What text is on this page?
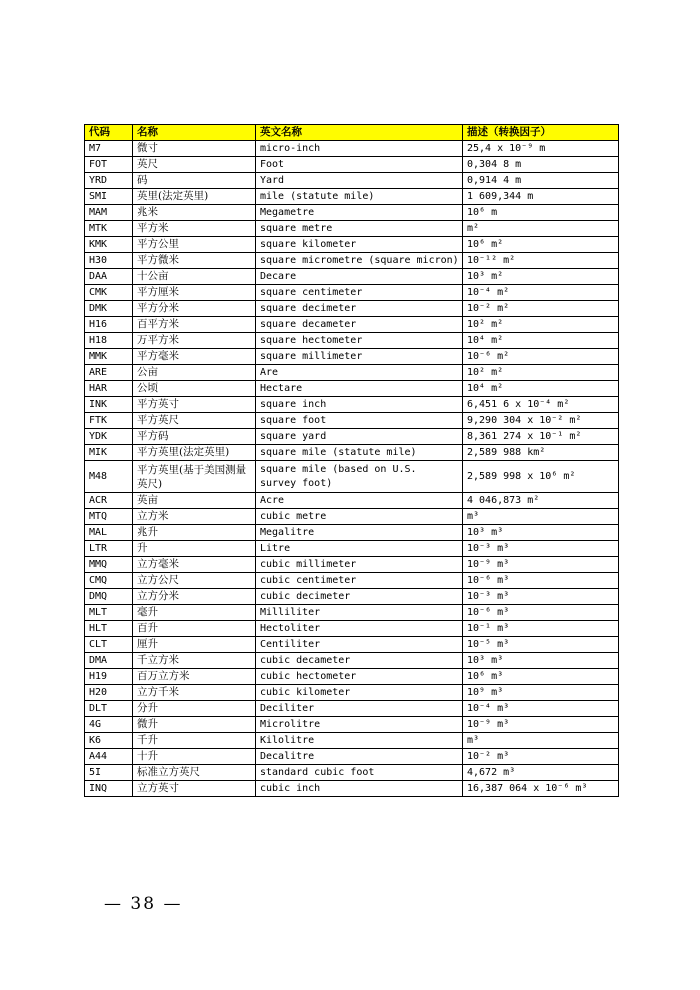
代码	名称	英文名称	描述（转换因子）
M7	微寸	micro-inch	25,4 x 10⁻⁹ m
FOT	英尺	Foot	0,304 8 m
YRD	码	Yard	0,914 4 m
SMI	英里(法定英里)	mile (statute mile)	1 609,344 m
MAM	兆米	Megametre	10⁶ m
MTK	平方米	square metre	m²
KMK	平方公里	square kilometer	10⁶ m²
H30	平方微米	square micrometre (square micron)	10⁻¹² m²
DAA	十公亩	Decare	10³ m²
CMK	平方厘米	square centimeter	10⁻⁴ m²
DMK	平方分米	square decimeter	10⁻² m²
H16	百平方米	square decameter	10² m²
H18	万平方米	square hectometer	10⁴ m²
MMK	平方毫米	square millimeter	10⁻⁶ m²
ARE	公亩	Are	10² m²
HAR	公顷	Hectare	10⁴ m²
INK	平方英寸	square inch	6,451 6 x 10⁻⁴ m²
FTK	平方英尺	square foot	9,290 304 x 10⁻² m²
YDK	平方码	square yard	8,361 274 x 10⁻¹ m²
MIK	平方英里(法定英里)	square mile (statute mile)	2,589 988 km²
M48	平方英里(基于美国测量英尺)	square mile (based on U.S. survey foot)	2,589 998 x 10⁶ m²
ACR	英亩	Acre	4 046,873 m²
MTQ	立方米	cubic metre	m³
MAL	兆升	Megalitre	10³ m³
LTR	升	Litre	10⁻³ m³
MMQ	立方毫米	cubic millimeter	10⁻⁹ m³
CMQ	立方公尺	cubic centimeter	10⁻⁶ m³
DMQ	立方分米	cubic decimeter	10⁻³ m³
MLT	毫升	Milliliter	10⁻⁶ m³
HLT	百升	Hectoliter	10⁻¹ m³
CLT	厘升	Centiliter	10⁻⁵ m³
DMA	千立方米	cubic decameter	10³ m³
H19	百万立方米	cubic hectometer	10⁶ m³
H20	立方千米	cubic kilometer	10⁹ m³
DLT	分升	Deciliter	10⁻⁴ m³
4G	微升	Microlitre	10⁻⁹ m³
K6	千升	Kilolitre	m³
A44	十升	Decalitre	10⁻² m³
5I	标准立方英尺	standard cubic foot	4,672 m³
INQ	立方英寸	cubic inch	16,387 064 x 10⁻⁶ m³
— 38 —
